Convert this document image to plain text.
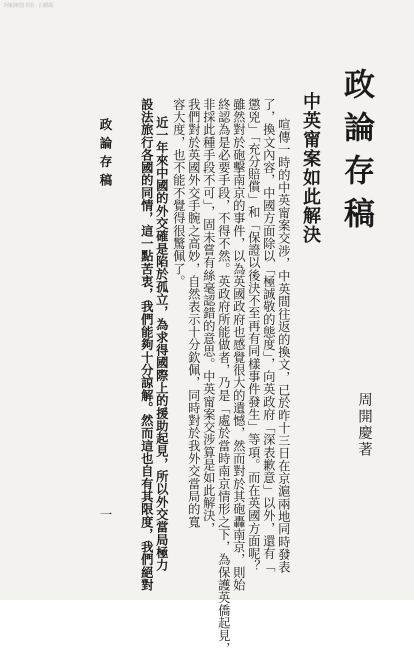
阿帕斯图书馆 · 扫描版
政論存稿
中英甯案如此解決
周開慶著
喧傳一時的中英甯案交涉，中英間往返的換文，已於昨十三日在京滬兩地同時發表
了，換文內容，中國方面除以「極誠敬的態度」，向英政府「深表歉意」以外，還有「
懲兇」「充分賠償」和「保證以後決不至再有同樣事件發生」等項。而在英國方面呢？
雖然對於砲擊南京的事件，以為英國政府也感覺很大的遺憾，然而對於其砲轟南京，則始
終認為是必要手段，不得不然。英政府所能做者，乃是「處於當時南京情形之下，為保護英僑起見，
非採此種手段不可」，固未嘗有絲毫認錯的意思。中英甯案交涉算是如此解決，
我們對於英國外交手腕之高妙，自然表示十分欽佩，同時對於我外交當局的寬
容大度，也不能不覺得很驚佩了。
近一年來中國的外交確是陷於孤立，為求得國際上的援助起見，所以外交當局極力
設法旅行各國的同情，這一點苦衷，我們能夠十分諒解。然而這也自有其限度，我們絕對
政論存稿
一
